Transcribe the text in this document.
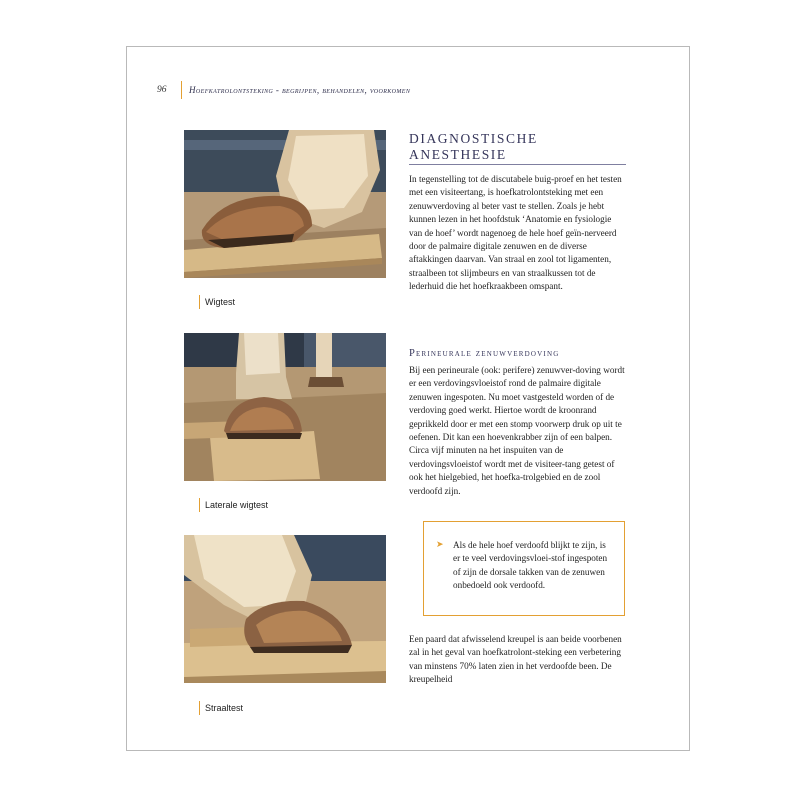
96	Hoefkatrolontsteking - begrijpen, behandelen, voorkomen
Wigtest
Laterale wigtest
Straaltest
DIAGNOSTISCHE
ANESTHESIE

In tegenstelling tot de discutabele buig-proef en het testen met een visiteertang, is hoefkatrolontsteking met een zenuwverdoving al beter vast te stellen. Zoals je hebt kunnen lezen in het hoofdstuk ‘Anatomie en fysiologie van de hoef’ wordt nagenoeg de hele hoef geïn-nerveerd door de palmaire digitale zenuwen en de diverse aftakkingen daarvan. Van straal en zool tot ligamenten, straalbeen tot slijmbeurs en van straalkussen tot de lederhuid die het hoefkraakbeen omspant.

Perineurale zenuwverdoving

Bij een perineurale (ook: perifere) zenuwver-doving wordt er een verdovingsvloeistof rond de palmaire digitale zenuwen ingespoten. Nu moet vastgesteld worden of de verdoving goed werkt. Hiertoe wordt de kroonrand geprikkeld door er met een stomp voorwerp druk op uit te oefenen. Dit kan een hoevenkrabber zijn of een balpen. Circa vijf minuten na het inspuiten van de verdovingsvloeistof wordt met de visiteer-tang getest of ook het hielgebied, het hoefka-trolgebied en de zool verdoofd zijn.

➤ Als de hele hoef verdoofd blijkt te zijn, is er te veel verdovingsvloei-stof ingespoten of zijn de dorsale takken van de zenuwen onbedoeld ook verdoofd.

Een paard dat afwisselend kreupel is aan beide voorbenen zal in het geval van hoefkatrolont-steking een verbetering van minstens 70% laten zien in het verdoofde been. De kreupelheid
